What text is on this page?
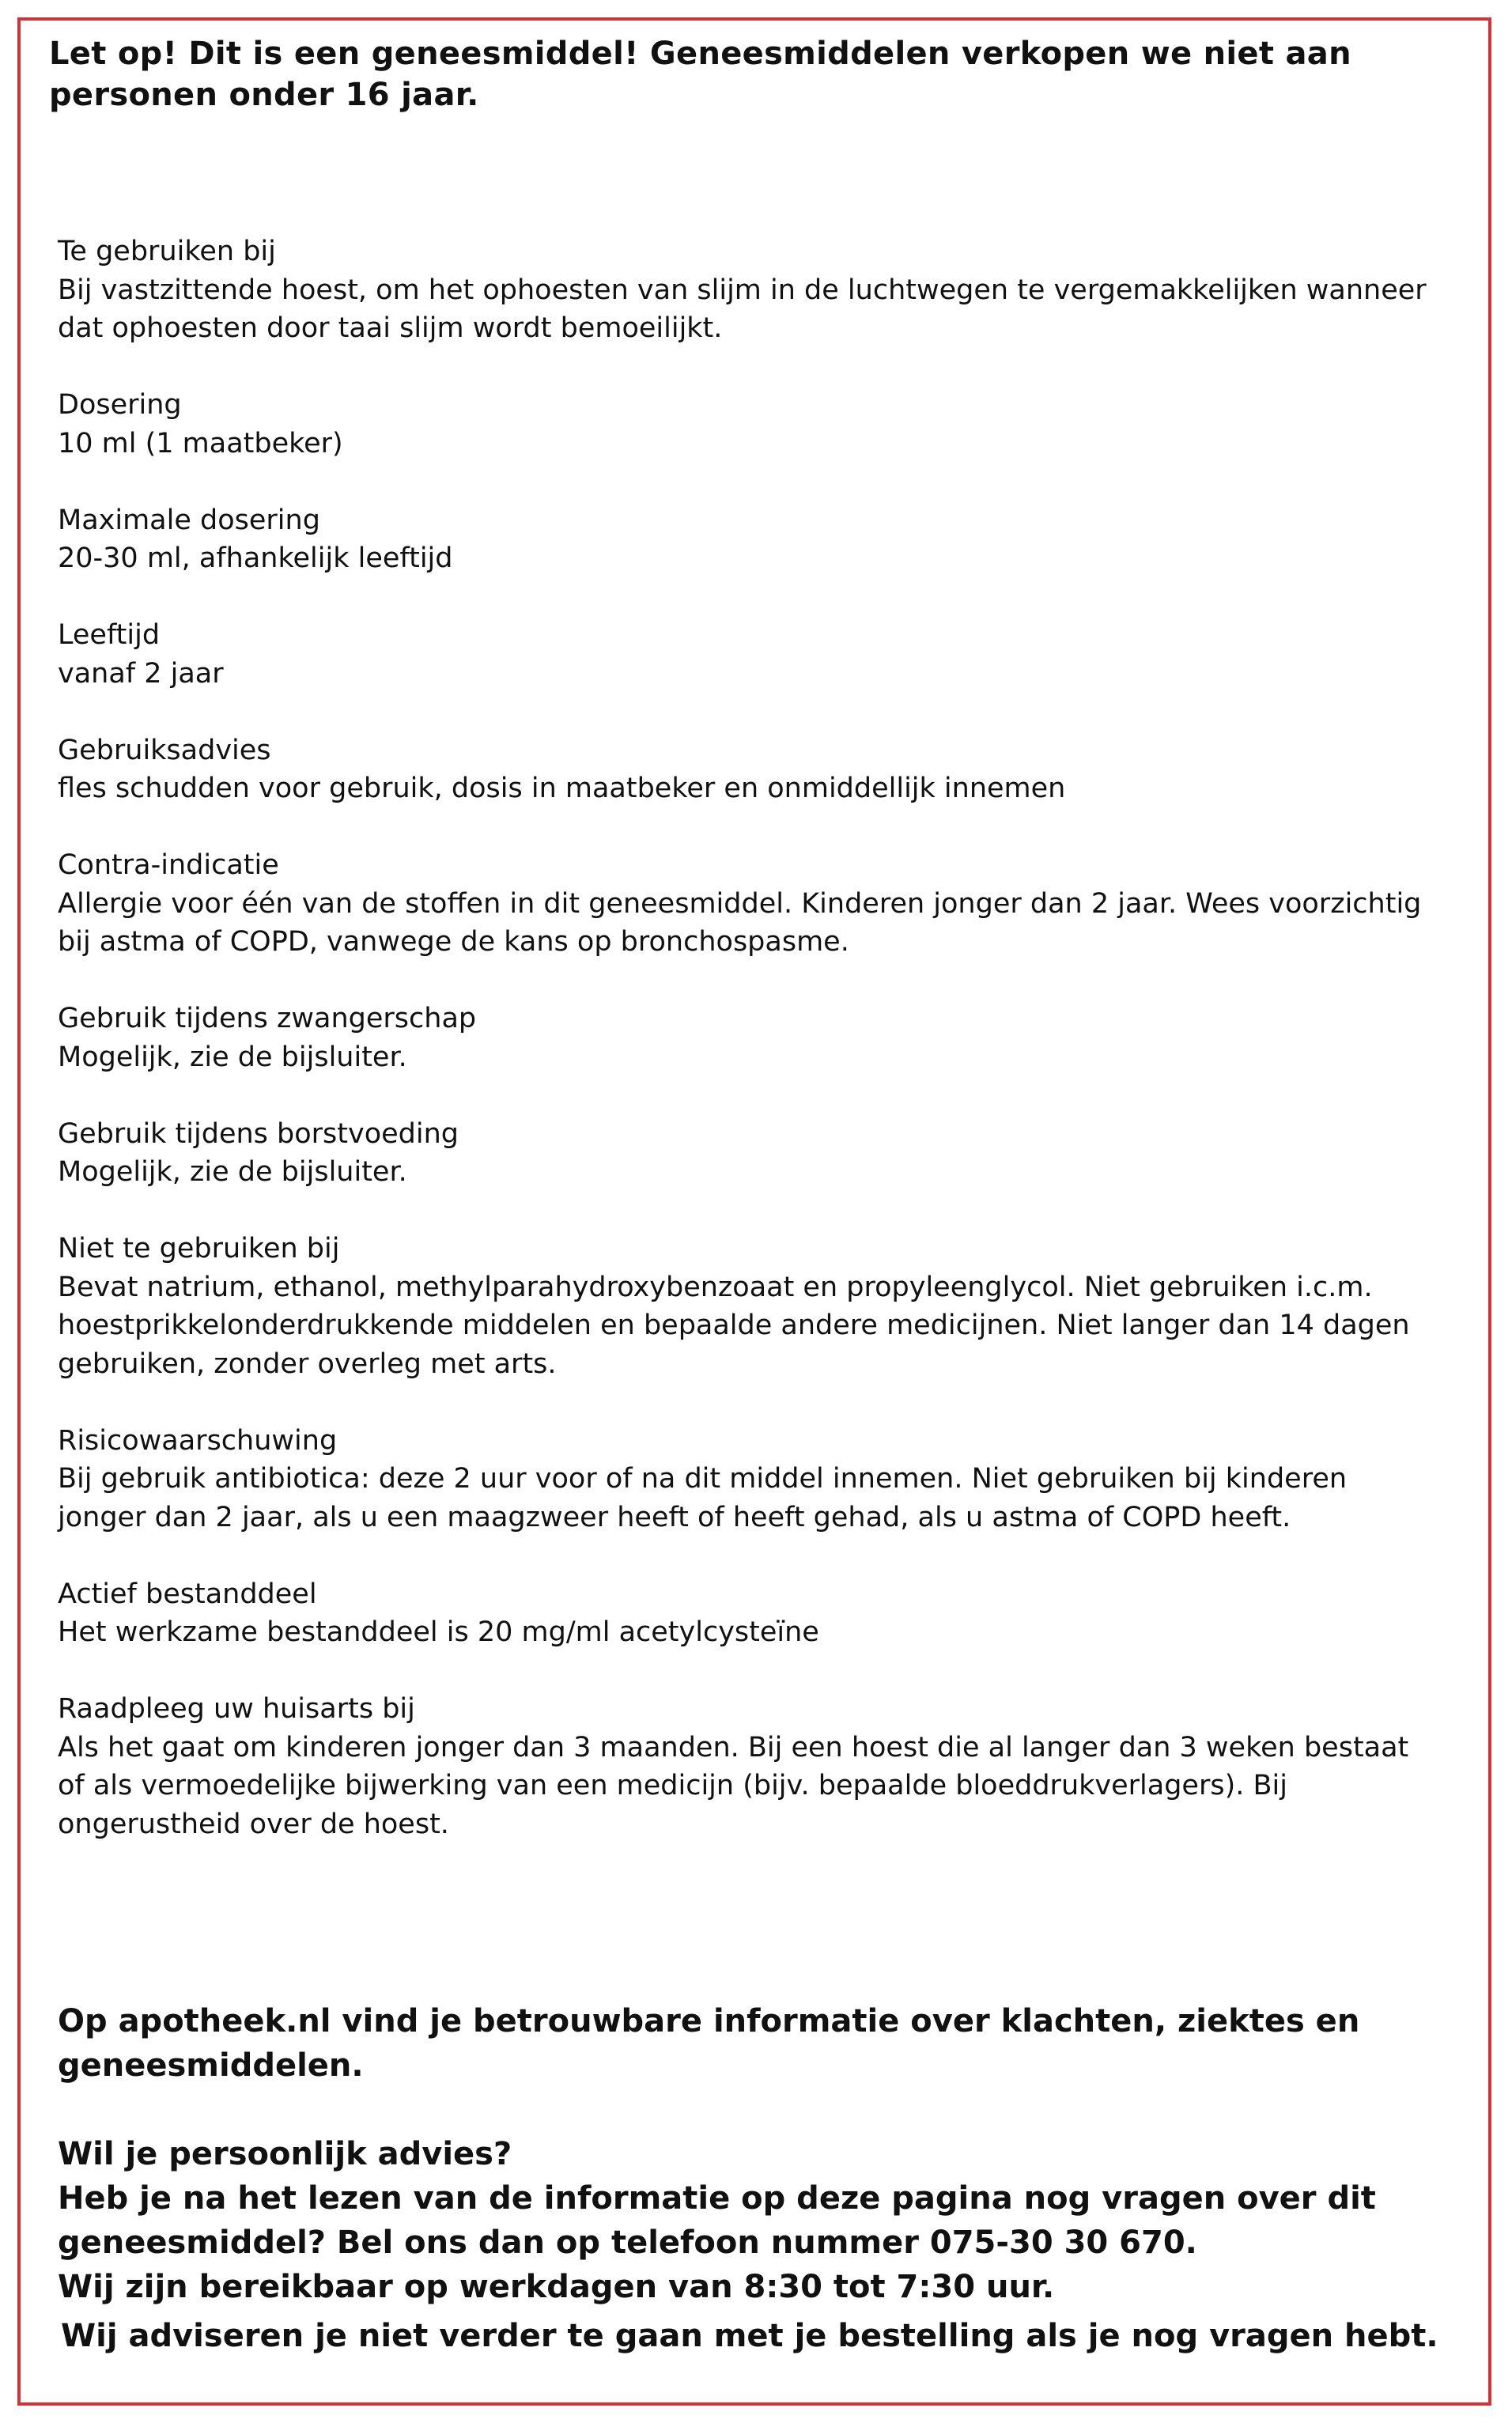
Let op! Dit is een geneesmiddel! Geneesmiddelen verkopen we niet aan personen onder 16 jaar.
Te gebruiken bij
Bij vastzittende hoest, om het ophoesten van slijm in de luchtwegen te vergemakkelijken wanneer
dat ophoesten door taai slijm wordt bemoeilijkt.
Dosering
10 ml (1 maatbeker)
Maximale dosering
20-30 ml, afhankelijk leeftijd
Leeftijd
vanaf 2 jaar
Gebruiksadvies
fles schudden voor gebruik, dosis in maatbeker en onmiddellijk innemen
Contra-indicatie
Allergie voor één van de stoffen in dit geneesmiddel. Kinderen jonger dan 2 jaar. Wees voorzichtig
bij astma of COPD, vanwege de kans op bronchospasme.
Gebruik tijdens zwangerschap
Mogelijk, zie de bijsluiter.
Gebruik tijdens borstvoeding
Mogelijk, zie de bijsluiter.
Niet te gebruiken bij
Bevat natrium, ethanol, methylparahydroxybenzoaat en propyleenglycol. Niet gebruiken i.c.m.
hoestprikkelonderdrukkende middelen en bepaalde andere medicijnen. Niet langer dan 14 dagen
gebruiken, zonder overleg met arts.
Risicowaarschuwing
Bij gebruik antibiotica: deze 2 uur voor of na dit middel innemen. Niet gebruiken bij kinderen
jonger dan 2 jaar, als u een maagzweer heeft of heeft gehad, als u astma of COPD heeft.
Actief bestanddeel
Het werkzame bestanddeel is 20 mg/ml acetylcysteïne
Raadpleeg uw huisarts bij
Als het gaat om kinderen jonger dan 3 maanden. Bij een hoest die al langer dan 3 weken bestaat
of als vermoedelijke bijwerking van een medicijn (bijv. bepaalde bloeddrukverlagers). Bij
ongerustheid over de hoest.

Op apotheek.nl vind je betrouwbare informatie over klachten, ziektes en
geneesmiddelen.

Wil je persoonlijk advies?

Heb je na het lezen van de informatie op deze pagina nog vragen over dit
geneesmiddel? Bel ons dan op telefoon nummer 075-30 30 670.

Wij zijn bereikbaar op werkdagen van 8:30 tot 7:30 uur.

Wij adviseren je niet verder te gaan met je bestelling als je nog vragen hebt.
